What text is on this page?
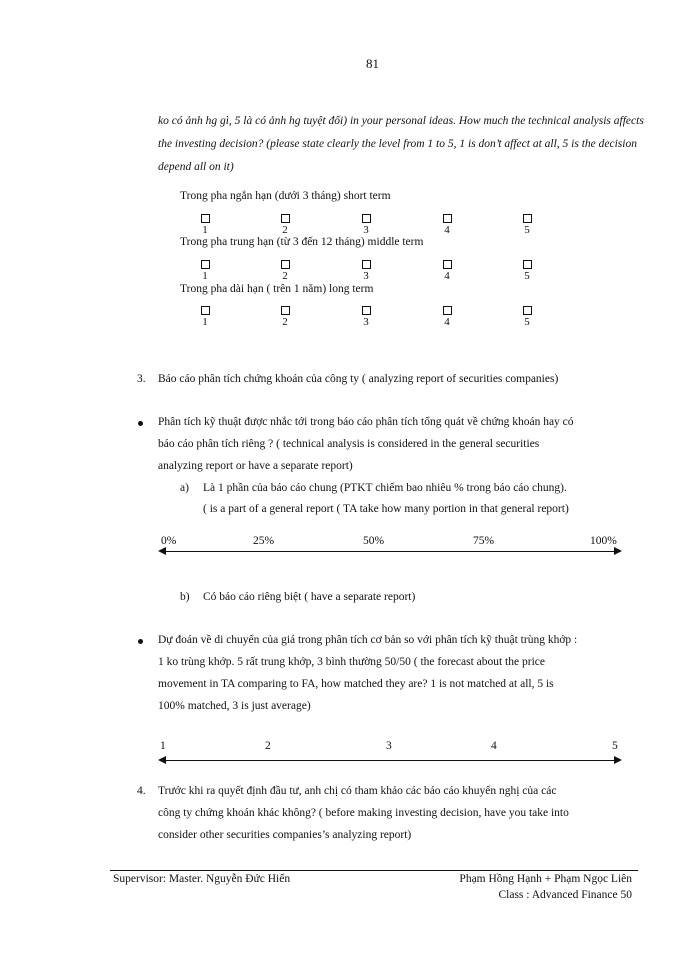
81
ko có ảnh hg gì, 5 là có ảnh hg tuyệt đối) in your personal ideas. How much the technical analysis affects the investing decision? (please state clearly the level from 1 to 5, 1 is don’t affect at all, 5 is the decision depend all on it)
Trong pha ngắn hạn (dưới 3 tháng) short term
1	2	3	4	5
Trong pha trung hạn (từ 3 đến 12 tháng) middle term
1	2	3	4	5
Trong pha dài hạn ( trên 1 năm) long term
1	2	3	4	5
3. Báo cáo phân tích chứng khoán của công ty ( analyzing report of securities companies)
Phân tích kỹ thuật được nhắc tới trong báo cáo phân tích tổng quát về chứng khoán hay có
báo cáo phân tích riêng ? ( technical analysis is considered in the general securities
analyzing report or have a separate report)
a) Là 1 phần của báo cáo chung (PTKT chiếm bao nhiêu % trong báo cáo chung).
( is a part of a general report ( TA take how many portion in that general report)
0%	25%	50%	75%	100%
b) Có báo cáo riêng biệt ( have a separate report)
Dự đoán về di chuyển của giá trong phân tích cơ bản so với phân tích kỹ thuật trùng khớp :
1 ko trùng khớp. 5 rất trung khớp, 3 bình thường 50/50 ( the forecast about the price
movement in TA comparing to FA, how matched they are? 1 is not matched at all, 5 is
100% matched, 3 is just average)
1	2	3	4	5
4. Trước khi ra quyết định đầu tư, anh chị có tham khảo các báo cáo khuyến nghị của các
công ty chứng khoán khác không? ( before making investing decision, have you take into
consider other securities companies’s analyzing report)
Supervisor: Master. Nguyễn Đức Hiển	Phạm Hồng Hạnh + Phạm Ngọc Liên
Class : Advanced Finance 50
